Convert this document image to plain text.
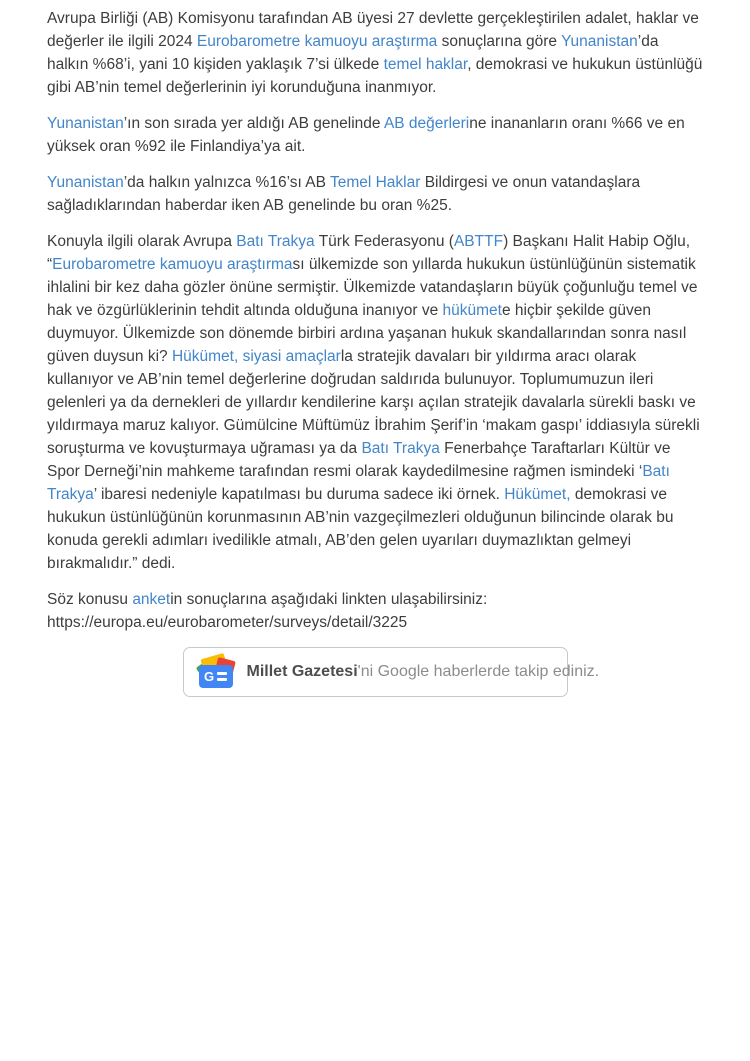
Avrupa Birliği (AB) Komisyonu tarafından AB üyesi 27 devlette gerçekleştirilen adalet, haklar ve değerler ile ilgili 2024 Eurobarometre kamuoyu araştırma sonuçlarına göre Yunanistan’da halkın %68’i, yani 10 kişiden yaklaşık 7’si ülkede temel haklar, demokrasi ve hukukun üstünlüğü gibi AB’nin temel değerlerinin iyi korunduğuna inanmıyor.

Yunanistan’ın son sırada yer aldığı AB genelinde AB değerlerine inananların oranı %66 ve en yüksek oran %92 ile Finlandiya’ya ait.

Yunanistan’da halkın yalnızca %16’sı AB Temel Haklar Bildirgesi ve onun vatandaşlara sağladıklarından haberdar iken AB genelinde bu oran %25.

Konuyla ilgili olarak Avrupa Batı Trakya Türk Federasyonu (ABTTF) Başkanı Halit Habip Oğlu, “Eurobarometre kamuoyu araştırması ülkemizde son yıllarda hukukun üstünlüğünün sistematik ihlalini bir kez daha gözler önüne sermiştir. Ülkemizde vatandaşların büyük çoğunluğu temel ve hak ve özgürlüklerinin tehdit altında olduğuna inanıyor ve hükümete hiçbir şekilde güven duymuyor. Ülkemizde son dönemde birbiri ardına yaşanan hukuk skandallarından sonra nasıl güven duysun ki? Hükümet, siyasi amaçlarla stratejik davaları bir yıldırma aracı olarak kullanıyor ve AB’nin temel değerlerine doğrudan saldırıda bulunuyor. Toplumumuzun ileri gelenleri ya da dernekleri de yıllardır kendilerine karşı açılan stratejik davalarla sürekli baskı ve yıldırmaya maruz kalıyor. Gümülcine Müftümüz İbrahim Şerif’in ‘makam gaspı’ iddiasıyla sürekli soruşturma ve kovuşturmaya uğraması ya da Batı Trakya Fenerbahçe Taraftarları Kültür ve Spor Derneği’nin mahkeme tarafından resmi olarak kaydedilmesine rağmen ismindeki ‘Batı Trakya’ ibaresi nedeniyle kapatılması bu duruma sadece iki örnek. Hükümet, demokrasi ve hukukun üstünlüğünün korunmasının AB’nin vazgeçilmezleri olduğunun bilincinde olarak bu konuda gerekli adımları ivedilikle atmalı, AB’den gelen uyarıları duymazlıktan gelmeyi bırakmalıdır.” dedi.

Söz konusu anketin sonuçlarına aşağıdaki linkten ulaşabilirsiniz:
https://europa.eu/eurobarometer/surveys/detail/3225

G Millet Gazetesi'ni Google haberlerde takip ediniz.
